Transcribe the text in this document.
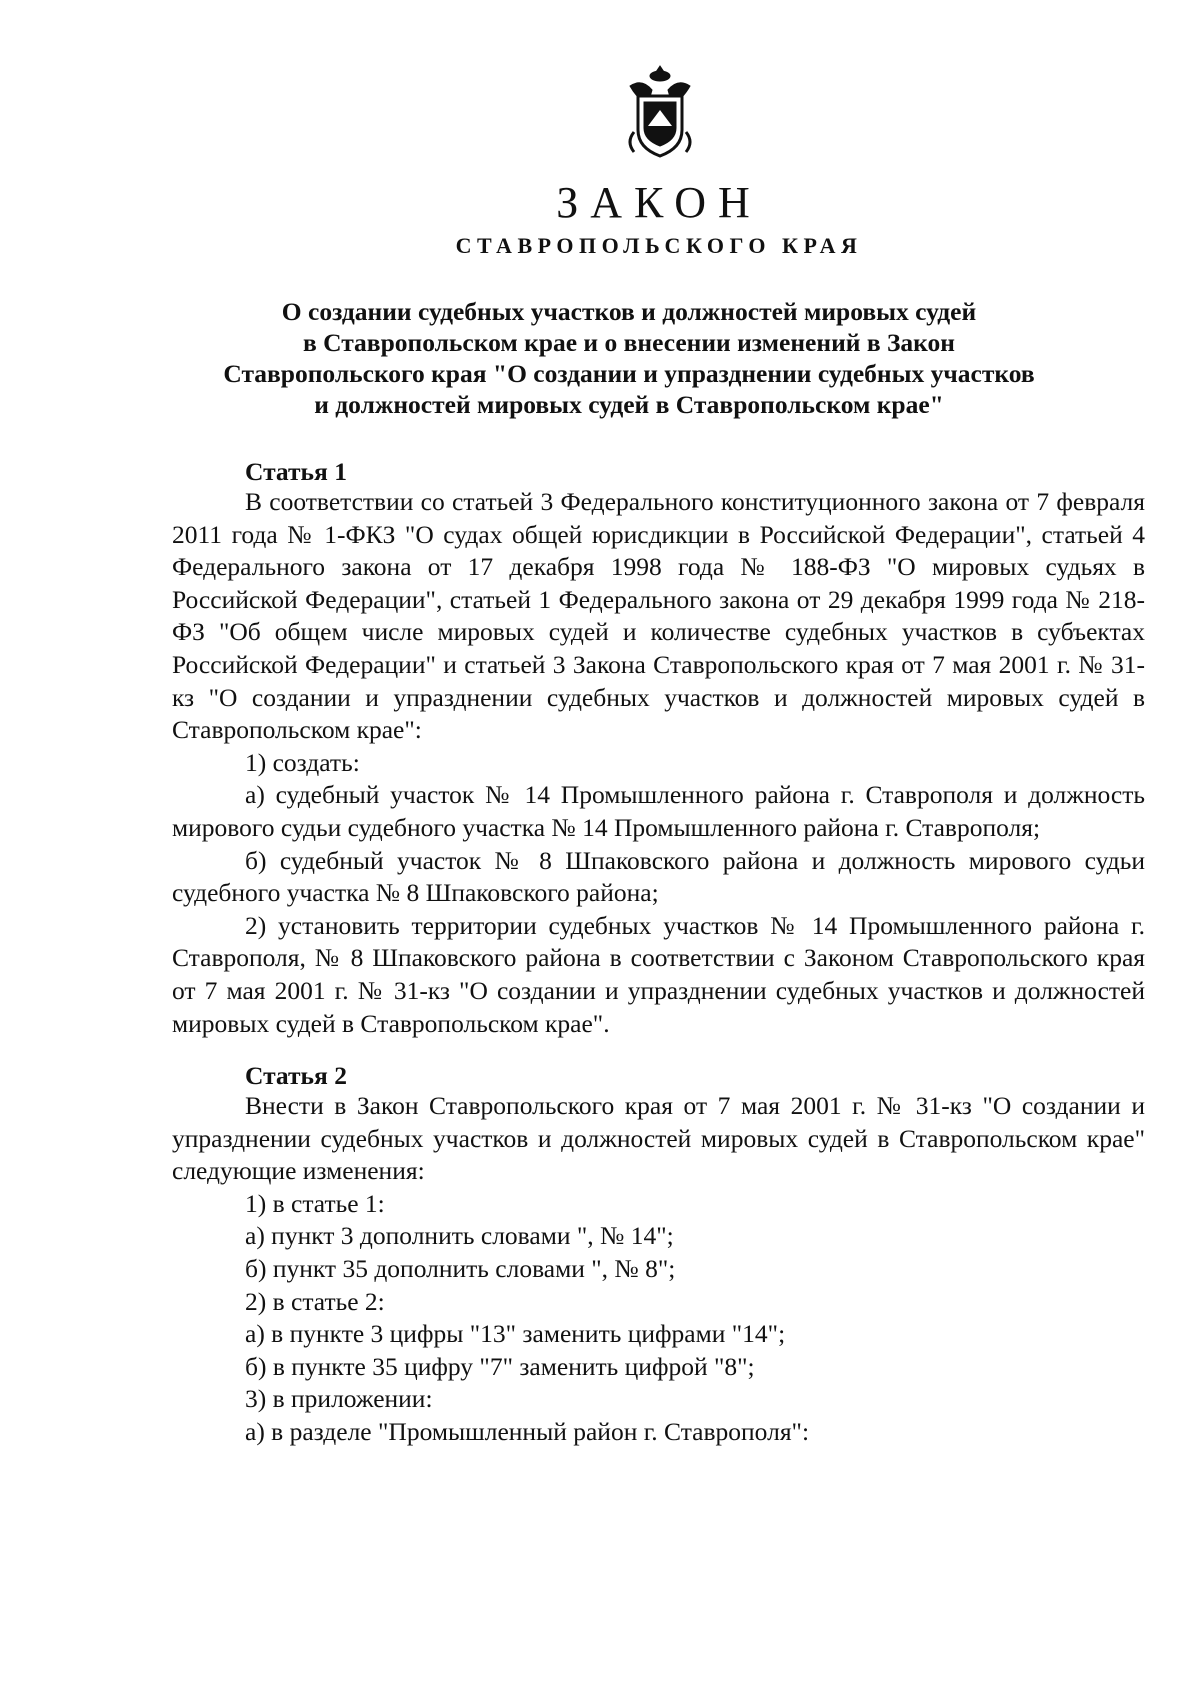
ЗАКОН
СТАВРОПОЛЬСКОГО КРАЯ
О создании судебных участков и должностей мировых судей
в Ставропольском крае и о внесении изменений в Закон
Ставропольского края "О создании и упразднении судебных участков
и должностей мировых судей в Ставропольском крае"
Статья 1

В соответствии со статьей 3 Федерального конституционного закона от 7 февраля 2011 года № 1-ФКЗ "О судах общей юрисдикции в Российской Федерации", статьей 4 Федерального закона от 17 декабря 1998 года № 188-ФЗ "О мировых судьях в Российской Федерации", статьей 1 Федерального закона от 29 декабря 1999 года № 218-ФЗ "Об общем числе мировых судей и количестве судебных участков в субъектах Российской Федерации" и статьей 3 Закона Ставропольского края от 7 мая 2001 г. № 31-кз "О создании и упразднении судебных участков и должностей мировых судей в Ставропольском крае":

1) создать:

а) судебный участок № 14 Промышленного района г. Ставрополя и должность мирового судьи судебного участка № 14 Промышленного района г. Ставрополя;

б) судебный участок № 8 Шпаковского района и должность мирового судьи судебного участка № 8 Шпаковского района;

2) установить территории судебных участков № 14 Промышленного района г. Ставрополя, № 8 Шпаковского района в соответствии с Законом Ставропольского края от 7 мая 2001 г. № 31-кз "О создании и упразднении судебных участков и должностей мировых судей в Ставропольском крае".

Статья 2

Внести в Закон Ставропольского края от 7 мая 2001 г. № 31-кз "О создании и упразднении судебных участков и должностей мировых судей в Ставропольском крае" следующие изменения:

1) в статье 1:

а) пункт 3 дополнить словами ", № 14";

б) пункт 35 дополнить словами ", № 8";

2) в статье 2:

а) в пункте 3 цифры "13" заменить цифрами "14";

б) в пункте 35 цифру "7" заменить цифрой "8";

3) в приложении:

а) в разделе "Промышленный район г. Ставрополя":
